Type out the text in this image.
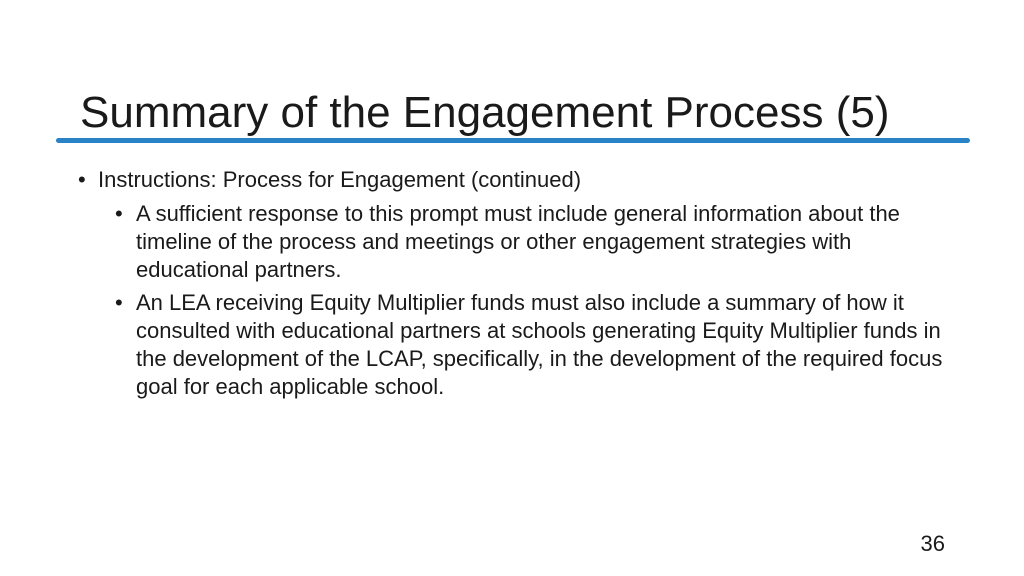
Summary of the Engagement Process (5)
• Instructions: Process for Engagement (continued)
• A sufficient response to this prompt must include general information about the timeline of the process and meetings or other engagement strategies with educational partners.
• An LEA receiving Equity Multiplier funds must also include a summary of how it consulted with educational partners at schools generating Equity Multiplier funds in the development of the LCAP, specifically, in the development of the required focus goal for each applicable school.
36
